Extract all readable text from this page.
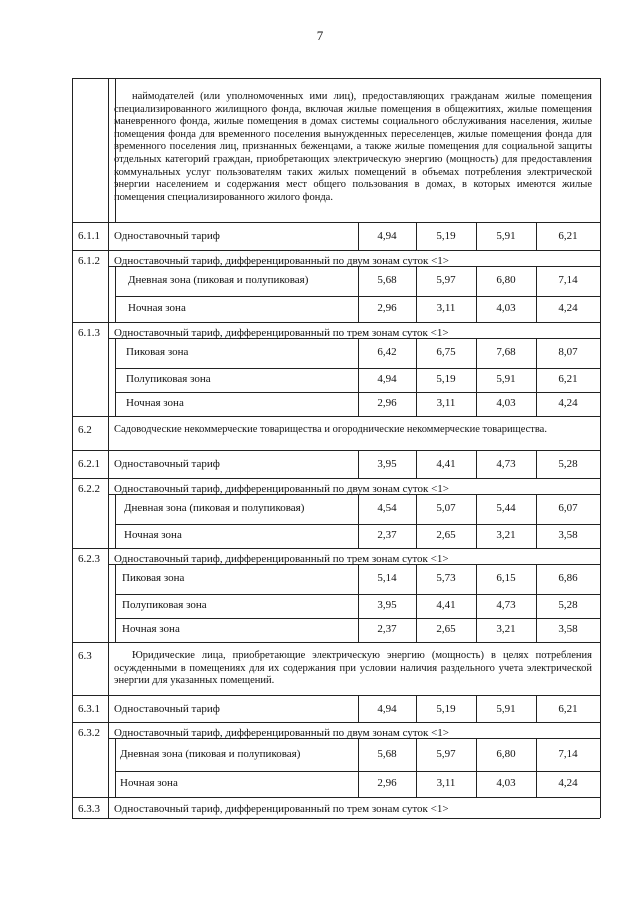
7
наймодателей (или уполномоченных ими лиц), предоставляющих гражданам жилые помещения специализированного жилищного фонда, включая жилые помещения в общежитиях, жилые помещения маневренного фонда, жилые помещения в домах системы социального обслуживания населения, жилые помещения фонда для временного поселения вынужденных переселенцев, жилые помещения фонда для временного поселения лиц, признанных беженцами, а также жилые помещения для социальной защиты отдельных категорий граждан, приобретающих электрическую энергию (мощность) для предоставления коммунальных услуг пользователям таких жилых помещений в объемах потребления электрической энергии населением и содержания мест общего пользования в домах, в которых имеются жилые помещения специализированного жилого фонда.
6.1.1 Одноставочный тариф	4,94	5,19	5,91	6,21
6.1.2 Одноставочный тариф, дифференцированный по двум зонам суток <1>
Дневная зона (пиковая и полупиковая)	5,68	5,97	6,80	7,14
Ночная зона	2,96	3,11	4,03	4,24
6.1.3 Одноставочный тариф, дифференцированный по трем зонам суток <1>
Пиковая зона	6,42	6,75	7,68	8,07
Полупиковая зона	4,94	5,19	5,91	6,21
Ночная зона	2,96	3,11	4,03	4,24
6.2 Садоводческие некоммерческие товарищества и огороднические некоммерческие товарищества.
6.2.1 Одноставочный тариф	3,95	4,41	4,73	5,28
6.2.2 Одноставочный тариф, дифференцированный по двум зонам суток <1>
Дневная зона (пиковая и полупиковая)	4,54	5,07	5,44	6,07
Ночная зона	2,37	2,65	3,21	3,58
6.2.3 Одноставочный тариф, дифференцированный по трем зонам суток <1>
Пиковая зона	5,14	5,73	6,15	6,86
Полупиковая зона	3,95	4,41	4,73	5,28
Ночная зона	2,37	2,65	3,21	3,58
6.3	Юридические лица, приобретающие электрическую энергию (мощность) в целях потребления осужденными в помещениях для их содержания при условии наличия раздельного учета электрической энергии для указанных помещений.
6.3.1 Одноставочный тариф	4,94	5,19	5,91	6,21
6.3.2 Одноставочный тариф, дифференцированный по двум зонам суток <1>
Дневная зона (пиковая и полупиковая)	5,68	5,97	6,80	7,14
Ночная зона	2,96	3,11	4,03	4,24
6.3.3 Одноставочный тариф, дифференцированный по трем зонам суток <1>
